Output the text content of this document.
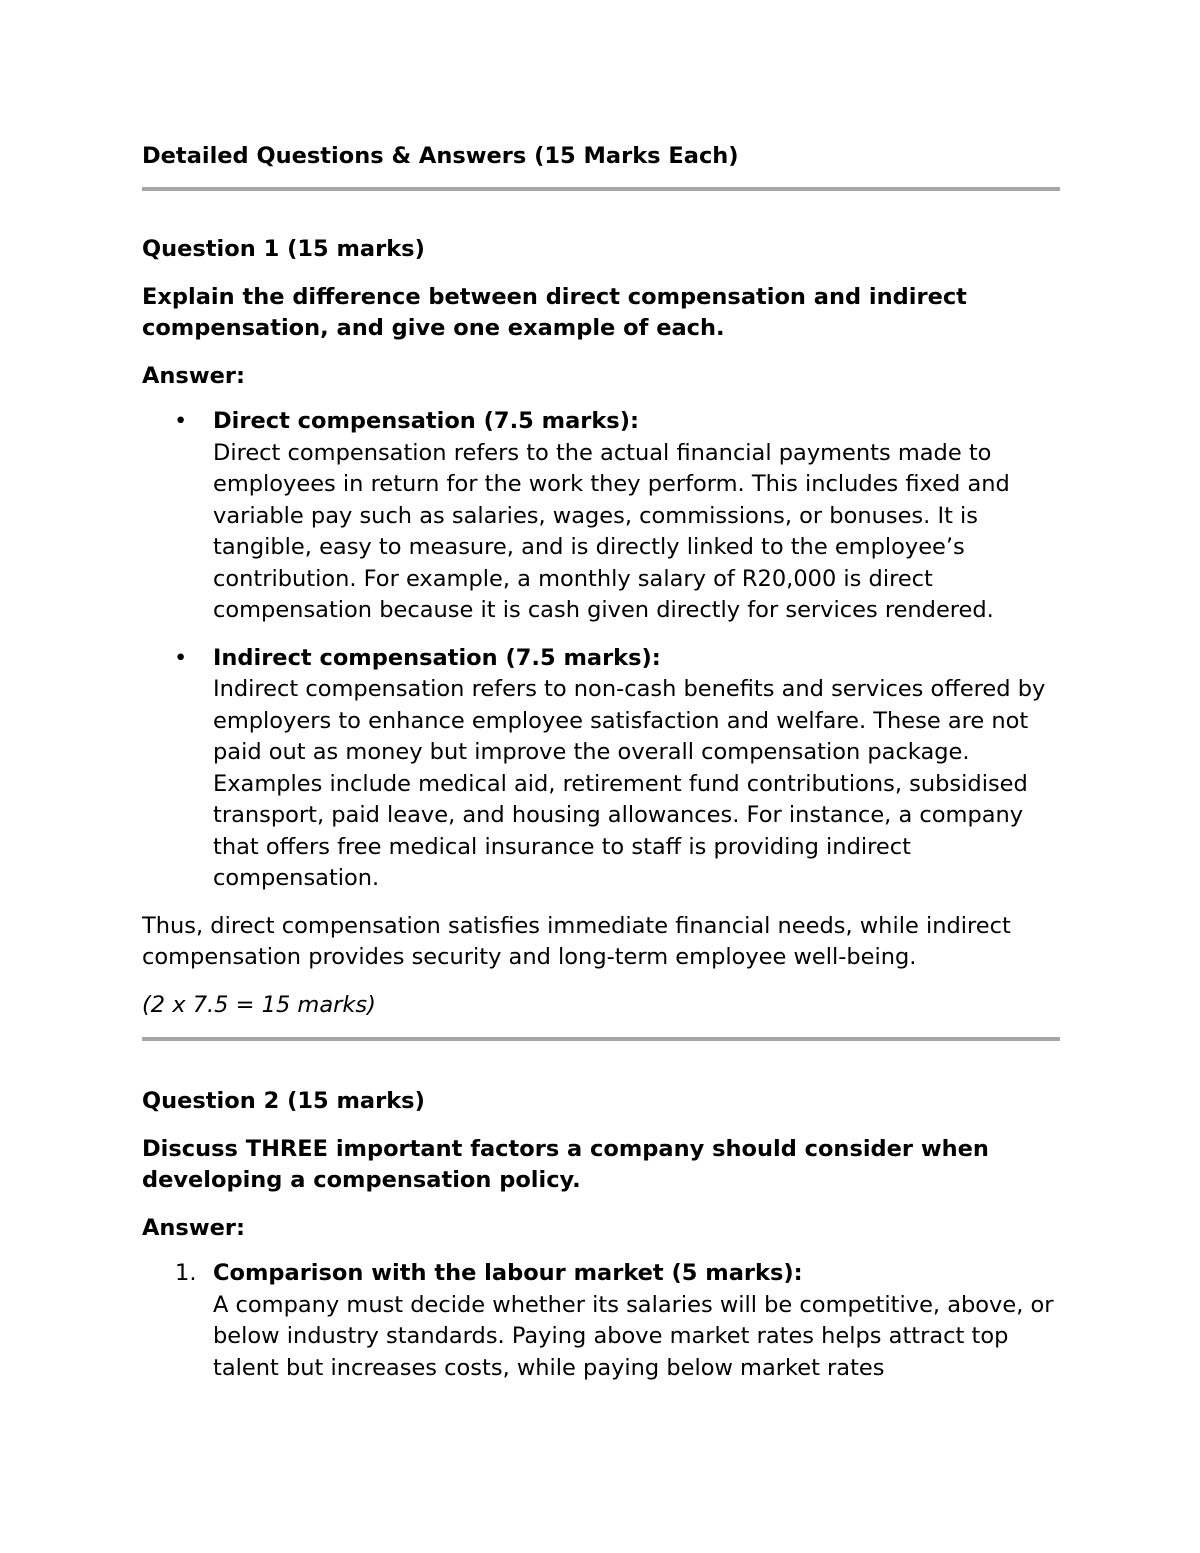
Detailed Questions & Answers (15 Marks Each)

Question 1 (15 marks)

Explain the difference between direct compensation and indirect compensation, and give one example of each.

Answer:

• Direct compensation (7.5 marks):
Direct compensation refers to the actual financial payments made to employees in return for the work they perform. This includes fixed and variable pay such as salaries, wages, commissions, or bonuses. It is tangible, easy to measure, and is directly linked to the employee’s contribution. For example, a monthly salary of R20,000 is direct compensation because it is cash given directly for services rendered.
• Indirect compensation (7.5 marks):
Indirect compensation refers to non-cash benefits and services offered by employers to enhance employee satisfaction and welfare. These are not paid out as money but improve the overall compensation package. Examples include medical aid, retirement fund contributions, subsidised transport, paid leave, and housing allowances. For instance, a company that offers free medical insurance to staff is providing indirect compensation.

Thus, direct compensation satisfies immediate financial needs, while indirect compensation provides security and long-term employee well-being.

(2 x 7.5 = 15 marks)

Question 2 (15 marks)

Discuss THREE important factors a company should consider when developing a compensation policy.

Answer:

1. Comparison with the labour market (5 marks):
A company must decide whether its salaries will be competitive, above, or below industry standards. Paying above market rates helps attract top talent but increases costs, while paying below market rates
